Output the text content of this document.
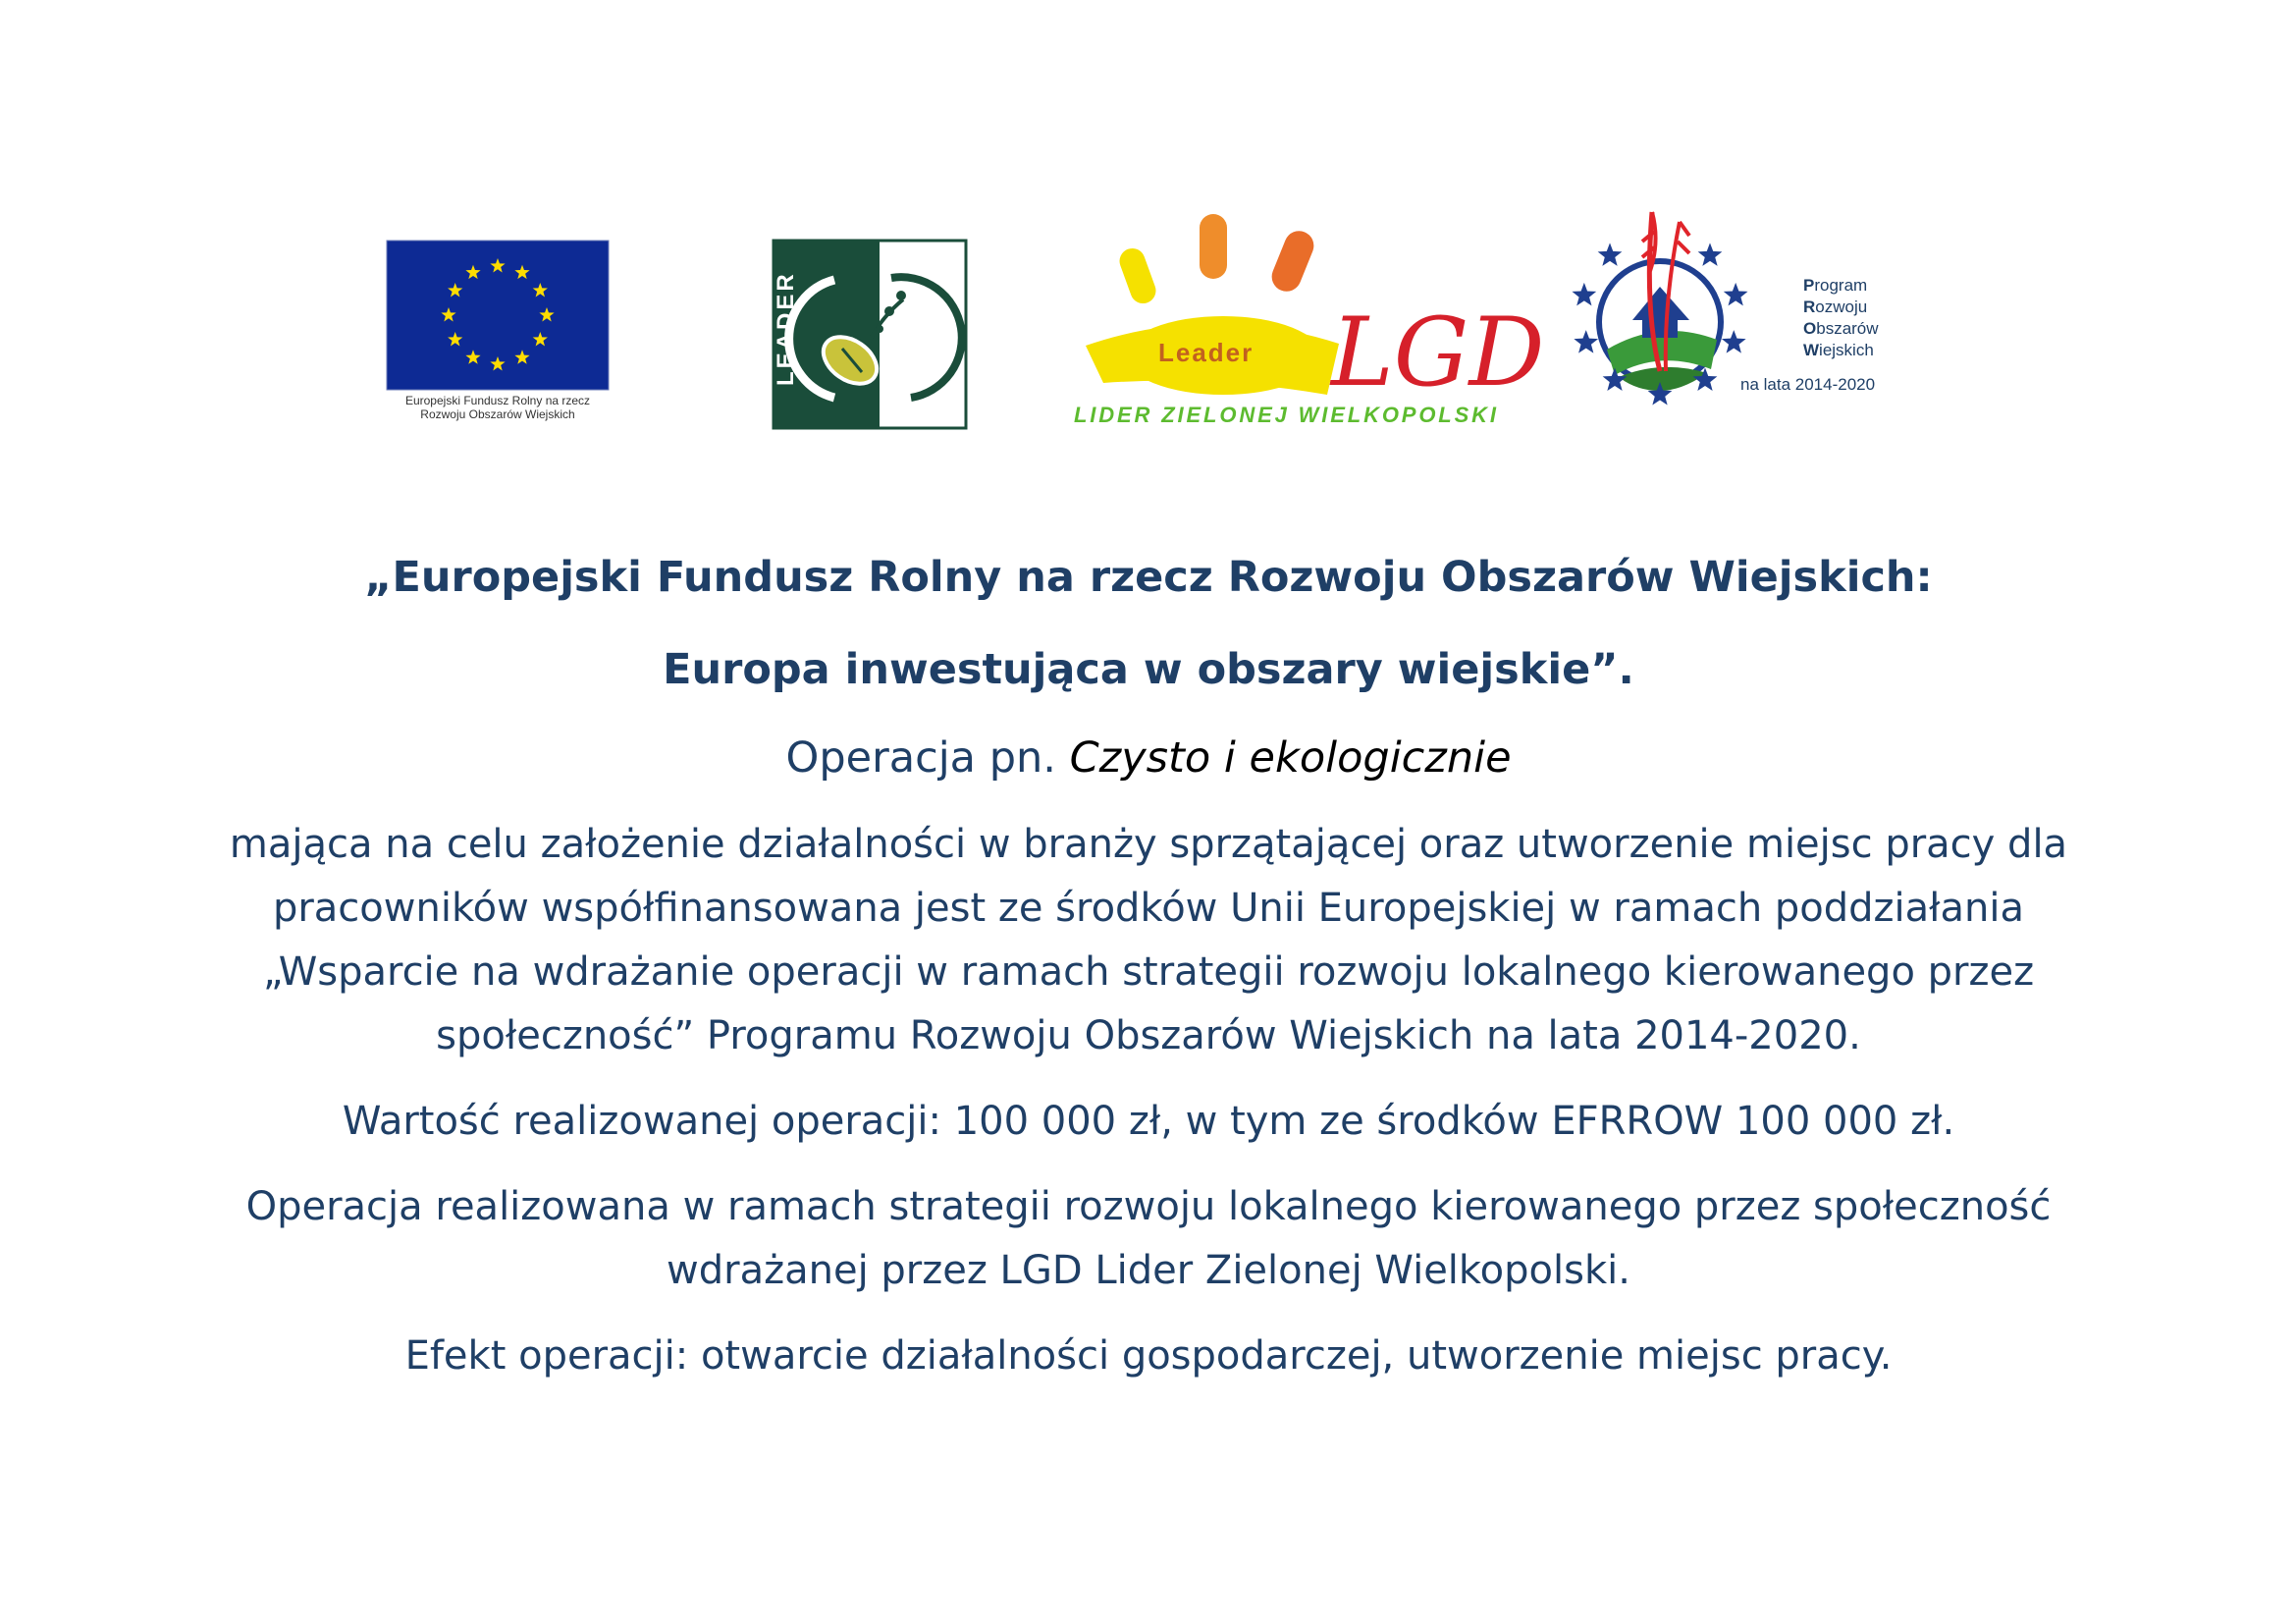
Europejski Fundusz Rolny na rzecz
Rozwoju Obszarów Wiejskich
LEADER	Leader LGD
LIDER ZIELONEJ WIELKOPOLSKI
Program
Rozwoju
Obszarów
Wiejskich
na lata 2014-2020

„Europejski Fundusz Rolny na rzecz Rozwoju Obszarów Wiejskich:

Europa inwestująca w obszary wiejskie”.

Operacja pn. Czysto i ekologicznie
mająca na celu założenie działalności w branży sprzątającej oraz utworzenie miejsc pracy dla
pracowników współfinansowana jest ze środków Unii Europejskiej w ramach poddziałania
„Wsparcie na wdrażanie operacji w ramach strategii rozwoju lokalnego kierowanego przez
społeczność” Programu Rozwoju Obszarów Wiejskich na lata 2014-2020.
Wartość realizowanej operacji: 100 000 zł, w tym ze środków EFRROW 100 000 zł.
Operacja realizowana w ramach strategii rozwoju lokalnego kierowanego przez społeczność
wdrażanej przez LGD Lider Zielonej Wielkopolski.
Efekt operacji: otwarcie działalności gospodarczej, utworzenie miejsc pracy.
